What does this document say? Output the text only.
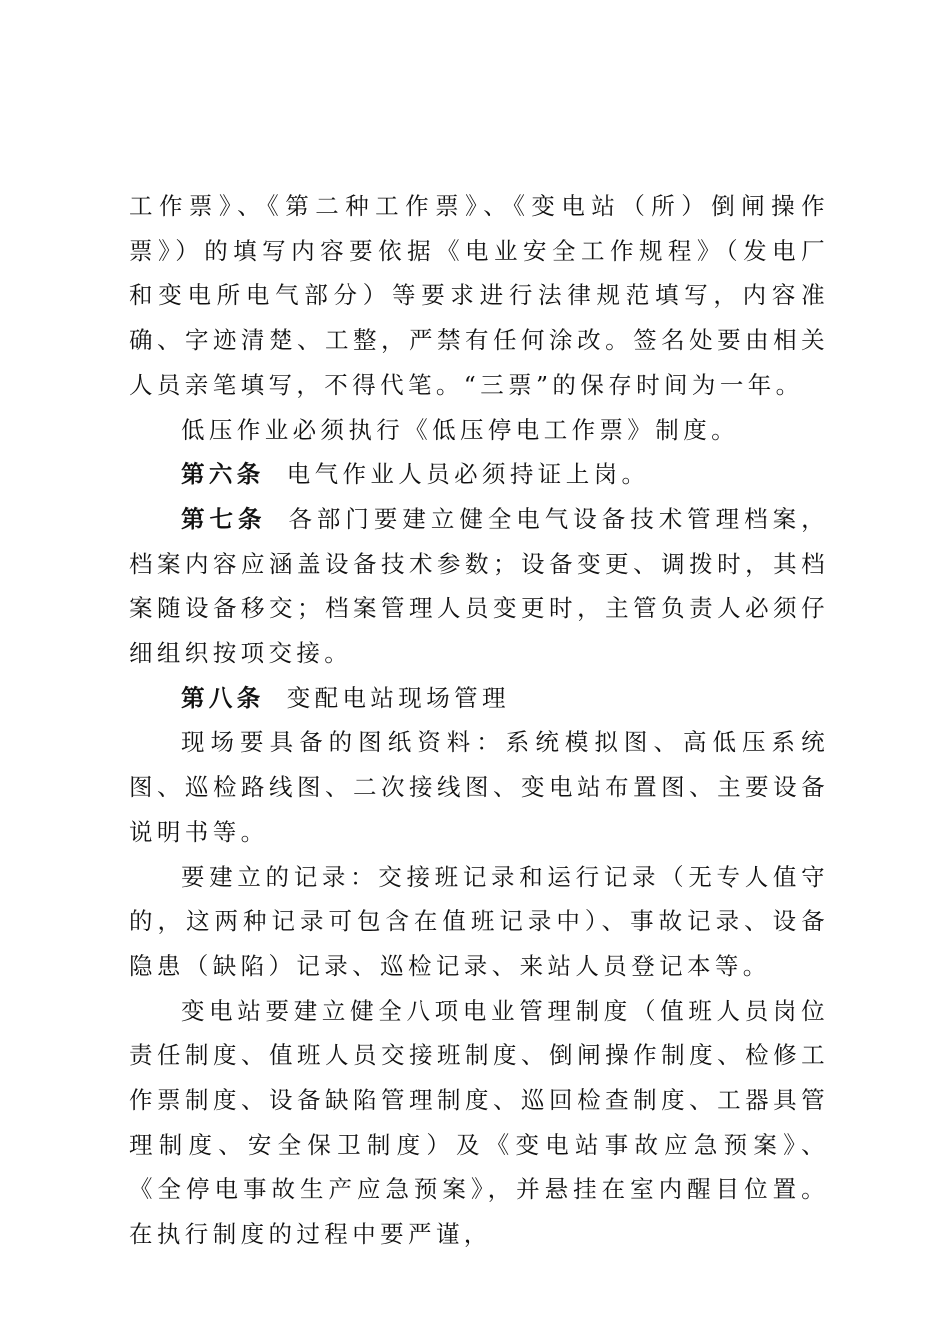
工作票》、《第二种工作票》、《变电站（所）倒闸操作票》）的填写内容要依据《电业安全工作规程》（发电厂和变电所电气部分）等要求进行法律规范填写，内容准确、字迹清楚、工整，严禁有任何涂改。签名处要由相关人员亲笔填写，不得代笔。“三票”的保存时间为一年。

低压作业必须执行《低压停电工作票》制度。

第六条 电气作业人员必须持证上岗。

第七条 各部门要建立健全电气设备技术管理档案，档案内容应涵盖设备技术参数；设备变更、调拨时，其档案随设备移交；档案管理人员变更时，主管负责人必须仔细组织按项交接。

第八条 变配电站现场管理

现场要具备的图纸资料：系统模拟图、高低压系统图、巡检路线图、二次接线图、变电站布置图、主要设备说明书等。

要建立的记录：交接班记录和运行记录（无专人值守的，这两种记录可包含在值班记录中）、事故记录、设备隐患（缺陷）记录、巡检记录、来站人员登记本等。

变电站要建立健全八项电业管理制度（值班人员岗位责任制度、值班人员交接班制度、倒闸操作制度、检修工作票制度、设备缺陷管理制度、巡回检查制度、工器具管理制度、安全保卫制度）及《变电站事故应急预案》、《全停电事故生产应急预案》，并悬挂在室内醒目位置。在执行制度的过程中要严谨，
